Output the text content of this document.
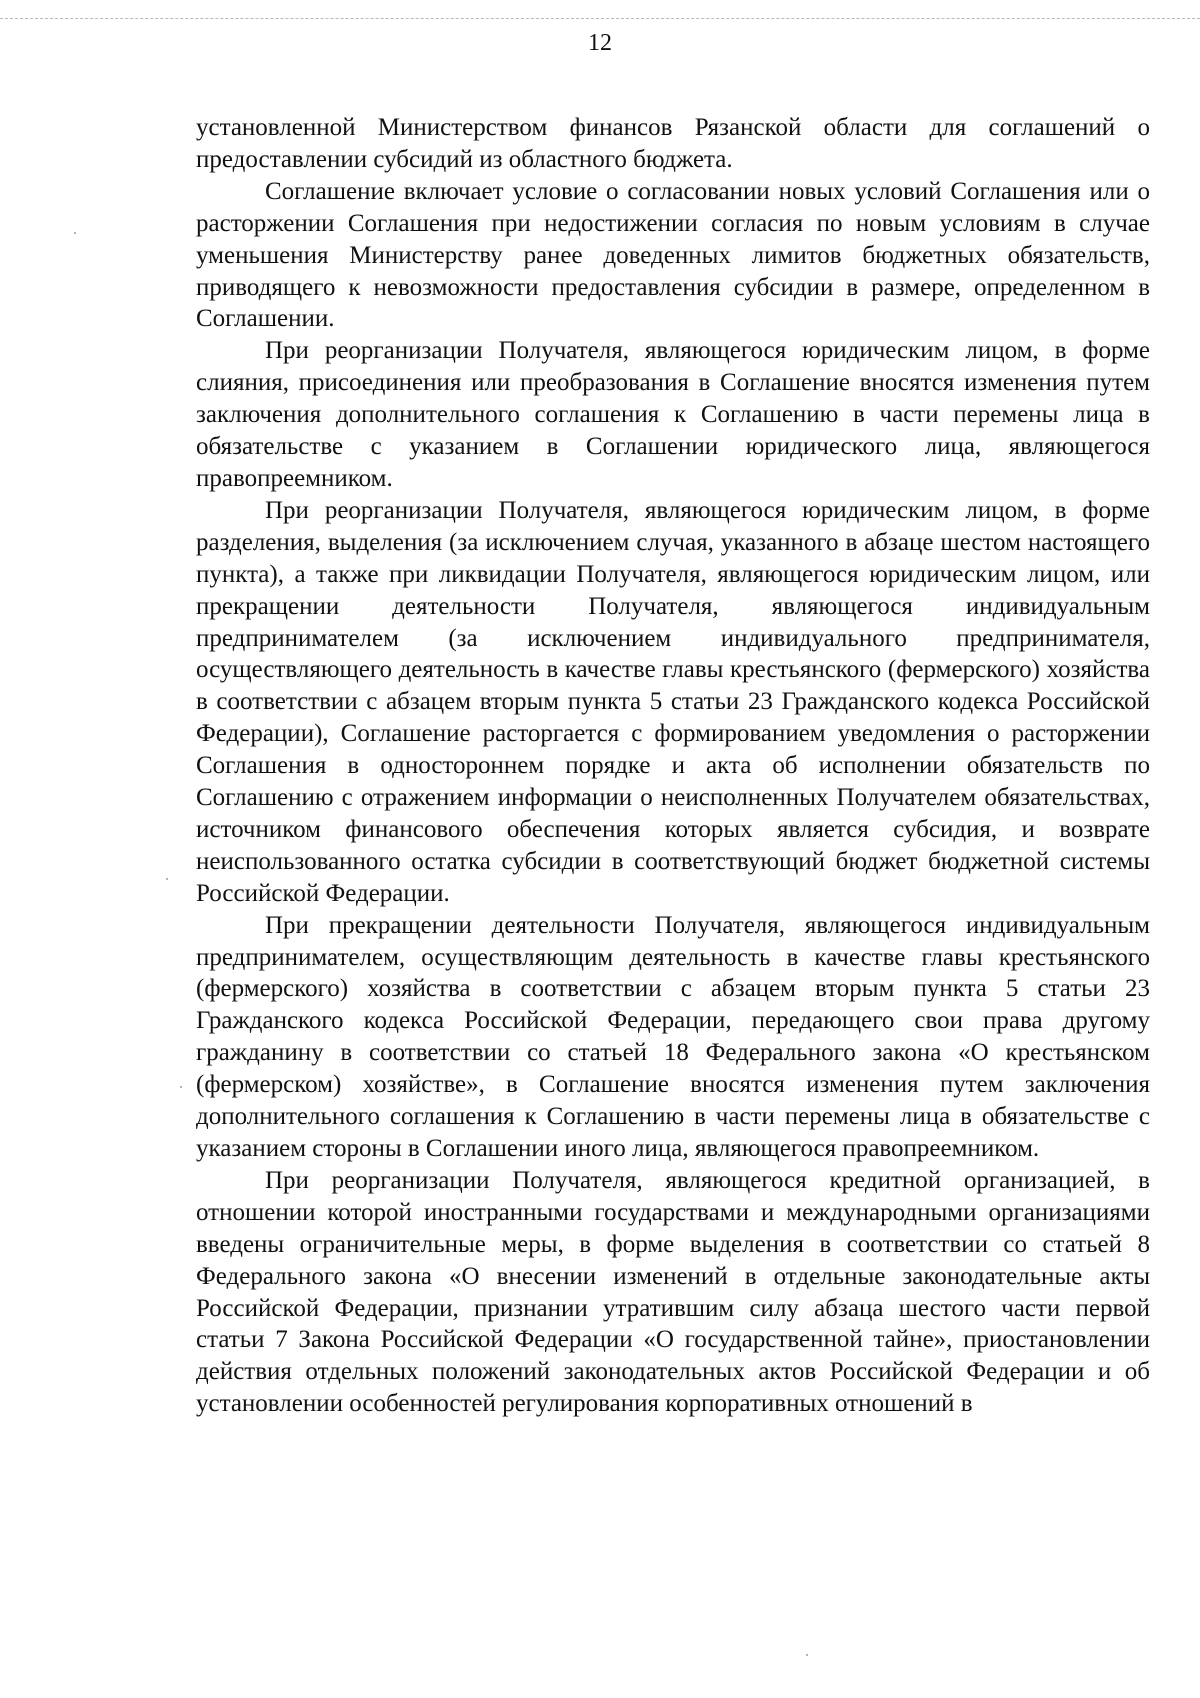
12

установленной Министерством финансов Рязанской области для соглашений о предоставлении субсидий из областного бюджета.

Соглашение включает условие о согласовании новых условий Соглашения или о расторжении Соглашения при недостижении согласия по новым условиям в случае уменьшения Министерству ранее доведенных лимитов бюджетных обязательств, приводящего к невозможности предоставления субсидии в размере, определенном в Соглашении.

При реорганизации Получателя, являющегося юридическим лицом, в форме слияния, присоединения или преобразования в Соглашение вносятся изменения путем заключения дополнительного соглашения к Соглашению в части перемены лица в обязательстве с указанием в Соглашении юридического лица, являющегося правопреемником.

При реорганизации Получателя, являющегося юридическим лицом, в форме разделения, выделения (за исключением случая, указанного в абзаце шестом настоящего пункта), а также при ликвидации Получателя, являющегося юридическим лицом, или прекращении деятельности Получателя, являющегося индивидуальным предпринимателем (за исключением индивидуального предпринимателя, осуществляющего деятельность в качестве главы крестьянского (фермерского) хозяйства в соответствии с абзацем вторым пункта 5 статьи 23 Гражданского кодекса Российской Федерации), Соглашение расторгается с формированием уведомления о расторжении Соглашения в одностороннем порядке и акта об исполнении обязательств по Соглашению с отражением информации о неисполненных Получателем обязательствах, источником финансового обеспечения которых является субсидия, и возврате неиспользованного остатка субсидии в соответствующий бюджет бюджетной системы Российской Федерации.

При прекращении деятельности Получателя, являющегося индивидуальным предпринимателем, осуществляющим деятельность в качестве главы крестьянского (фермерского) хозяйства в соответствии с абзацем вторым пункта 5 статьи 23 Гражданского кодекса Российской Федерации, передающего свои права другому гражданину в соответствии со статьей 18 Федерального закона «О крестьянском (фермерском) хозяйстве», в Соглашение вносятся изменения путем заключения дополнительного соглашения к Соглашению в части перемены лица в обязательстве с указанием стороны в Соглашении иного лица, являющегося правопреемником.

При реорганизации Получателя, являющегося кредитной организацией, в отношении которой иностранными государствами и международными организациями введены ограничительные меры, в форме выделения в соответствии со статьей 8 Федерального закона «О внесении изменений в отдельные законодательные акты Российской Федерации, признании утратившим силу абзаца шестого части первой статьи 7 Закона Российской Федерации «О государственной тайне», приостановлении действия отдельных положений законодательных актов Российской Федерации и об установлении особенностей регулирования корпоративных отношений в
